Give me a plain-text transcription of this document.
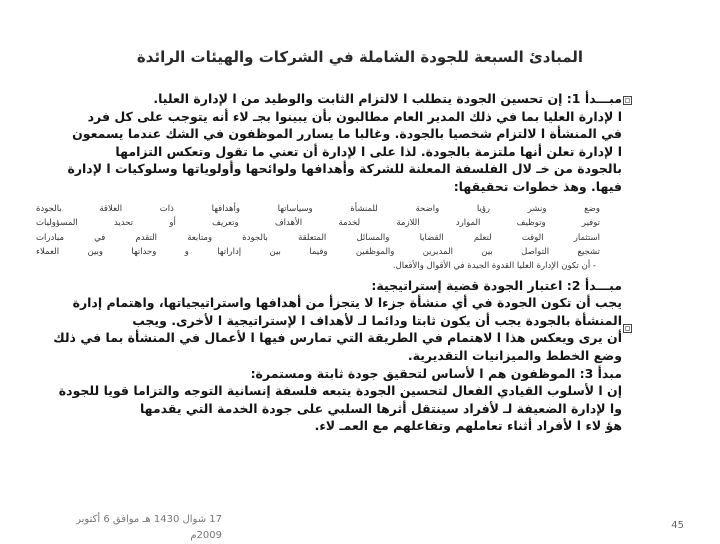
المبادئ السبعة للجودة الشاملة في الشركات والهيئات الرائدة
مبـــدأ 1: إن تحسين الجودة يتطلب ا لالتزام الثابت والوطيد من ا لإدارة العليا.
ا لإدارة العليا بما في ذلك المدير العام مطالبون بأن يبينوا بجـ لاء أنه يتوجب على كل فرد
في المنشأة ا لالتزام شخصيا بالجودة. وغالبا ما يسارر الموظفون في الشك عندما يسمعون
ا لإدارة تعلن أنها ملتزمة بالجودة. لذا على ا لإدارة أن تعني ما تقول وتعكس التزامها
بالجودة من خـ لال الفلسفة المعلنة للشركة وأهدافها ولوائحها وأولوياتها وسلوكيات ا لإدارة
فيها. وهذ خطوات تحقيقها:
وضع
ونشر
رؤيا
واضحة
للمنشأة
وسياساتها
وأهدافها
ذات
العلاقة
بالجودة
توفير
وتوظيف
الموارد
اللازمة
لخدمة
الأهداف
وتعريف
أو
تحديد
المسؤوليات
استثمار
الوقت
لتعلم
القضايا
والمسائل
المتعلقة
بالجودة
ومتابعة
التقدم
في
مبادرات
تشجيع
التواصل
بين
المديرين
والموظفين
وفيما
بين
إداراتها
و
وحداتها
وبين
العملاء
- أن تكون الإدارة العليا القدوة الجيدة في الأقوال والأفعال.
مبـــدأ 2: اعتبار الجودة قضية إستراتيجية:
يجب أن تكون الجودة في أي منشأة جزءا لا يتجزأ من أهدافها واستراتيجياتها، واهتمام إدارة
المنشأة بالجودة يجب أن يكون ثابتا ودائما لـ لأهداف ا لإستراتيجية ا لأخرى. ويجب
أن يرى ويعكس هذا ا لاهتمام في الطريقة التي تمارس فيها ا لأعمال في المنشأة بما في ذلك
وضع الخطط والميزانيات التقديرية.
مبدأ 3: الموظفون هم ا لأساس لتحقيق جودة ثابتة ومستمرة:
إن ا لأسلوب القيادي الفعال لتحسين الجودة يتبعه فلسفة إنسانية التوجه والتزاما قويا للجودة
وا لإدارة الضعيفة لـ لأفراد سينتقل أثرها السلبي على جودة الخدمة التي يقدمها
هؤ لاء ا لأفراد أثناء تعاملهم وتفاعلهم مع العمـ لاء.
17 شوال 1430 هـ موافق 6 أكتوبر
2009م
45
